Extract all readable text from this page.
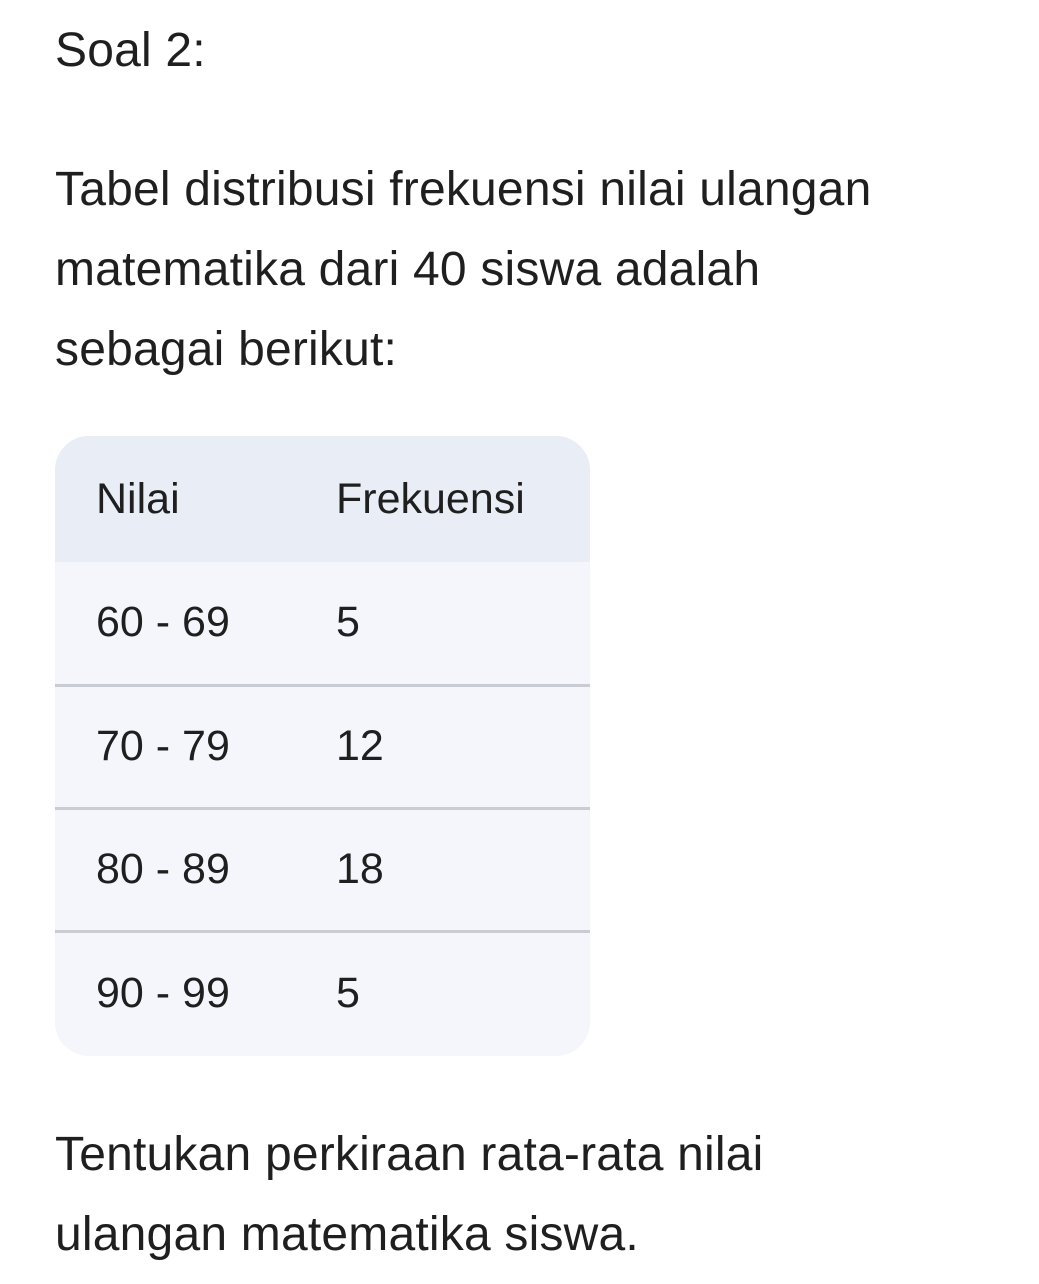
Soal 2:

Tabel distribusi frekuensi nilai ulangan
matematika dari 40 siswa adalah
sebagai berikut:

Nilai	Frekuensi
60 - 69	5
70 - 79	12
80 - 89	18
90 - 99	5

Tentukan perkiraan rata-rata nilai
ulangan matematika siswa.
